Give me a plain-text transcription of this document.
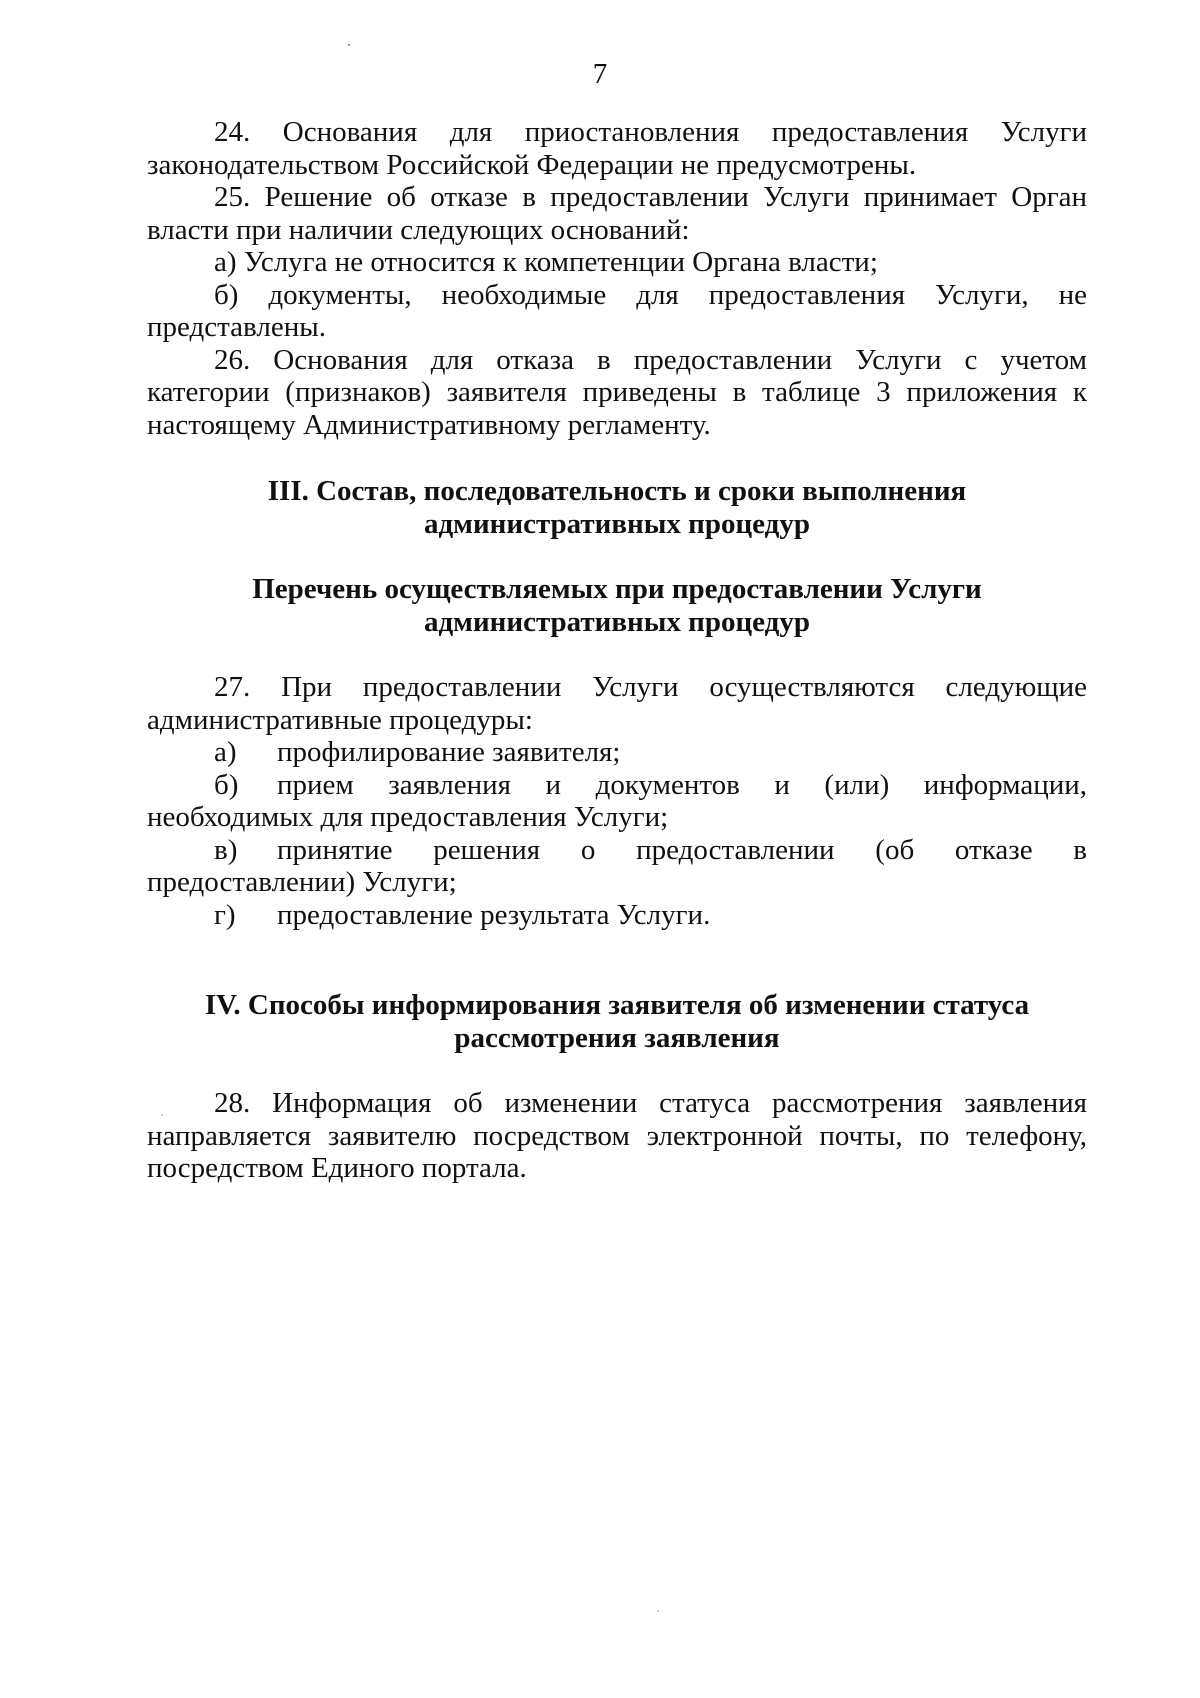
7

24. Основания для приостановления предоставления Услуги законодательством Российской Федерации не предусмотрены.

25. Решение об отказе в предоставлении Услуги принимает Орган власти при наличии следующих оснований:

а) Услуга не относится к компетенции Органа власти;

б) документы, необходимые для предоставления Услуги, не представлены.

26. Основания для отказа в предоставлении Услуги с учетом категории (признаков) заявителя приведены в таблице 3 приложения к настоящему Административному регламенту.

III. Состав, последовательность и сроки выполнения административных процедур

Перечень осуществляемых при предоставлении Услуги административных процедур

27. При предоставлении Услуги осуществляются следующие административные процедуры:

а) профилирование заявителя;
б) прием заявления и документов и (или) информации, необходимых для предоставления Услуги;
в) принятие решения о предоставлении (об отказе в предоставлении) Услуги;
г) предоставление результата Услуги.

IV. Способы информирования заявителя об изменении статуса рассмотрения заявления

28. Информация об изменении статуса рассмотрения заявления направляется заявителю посредством электронной почты, по телефону, посредством Единого портала.
